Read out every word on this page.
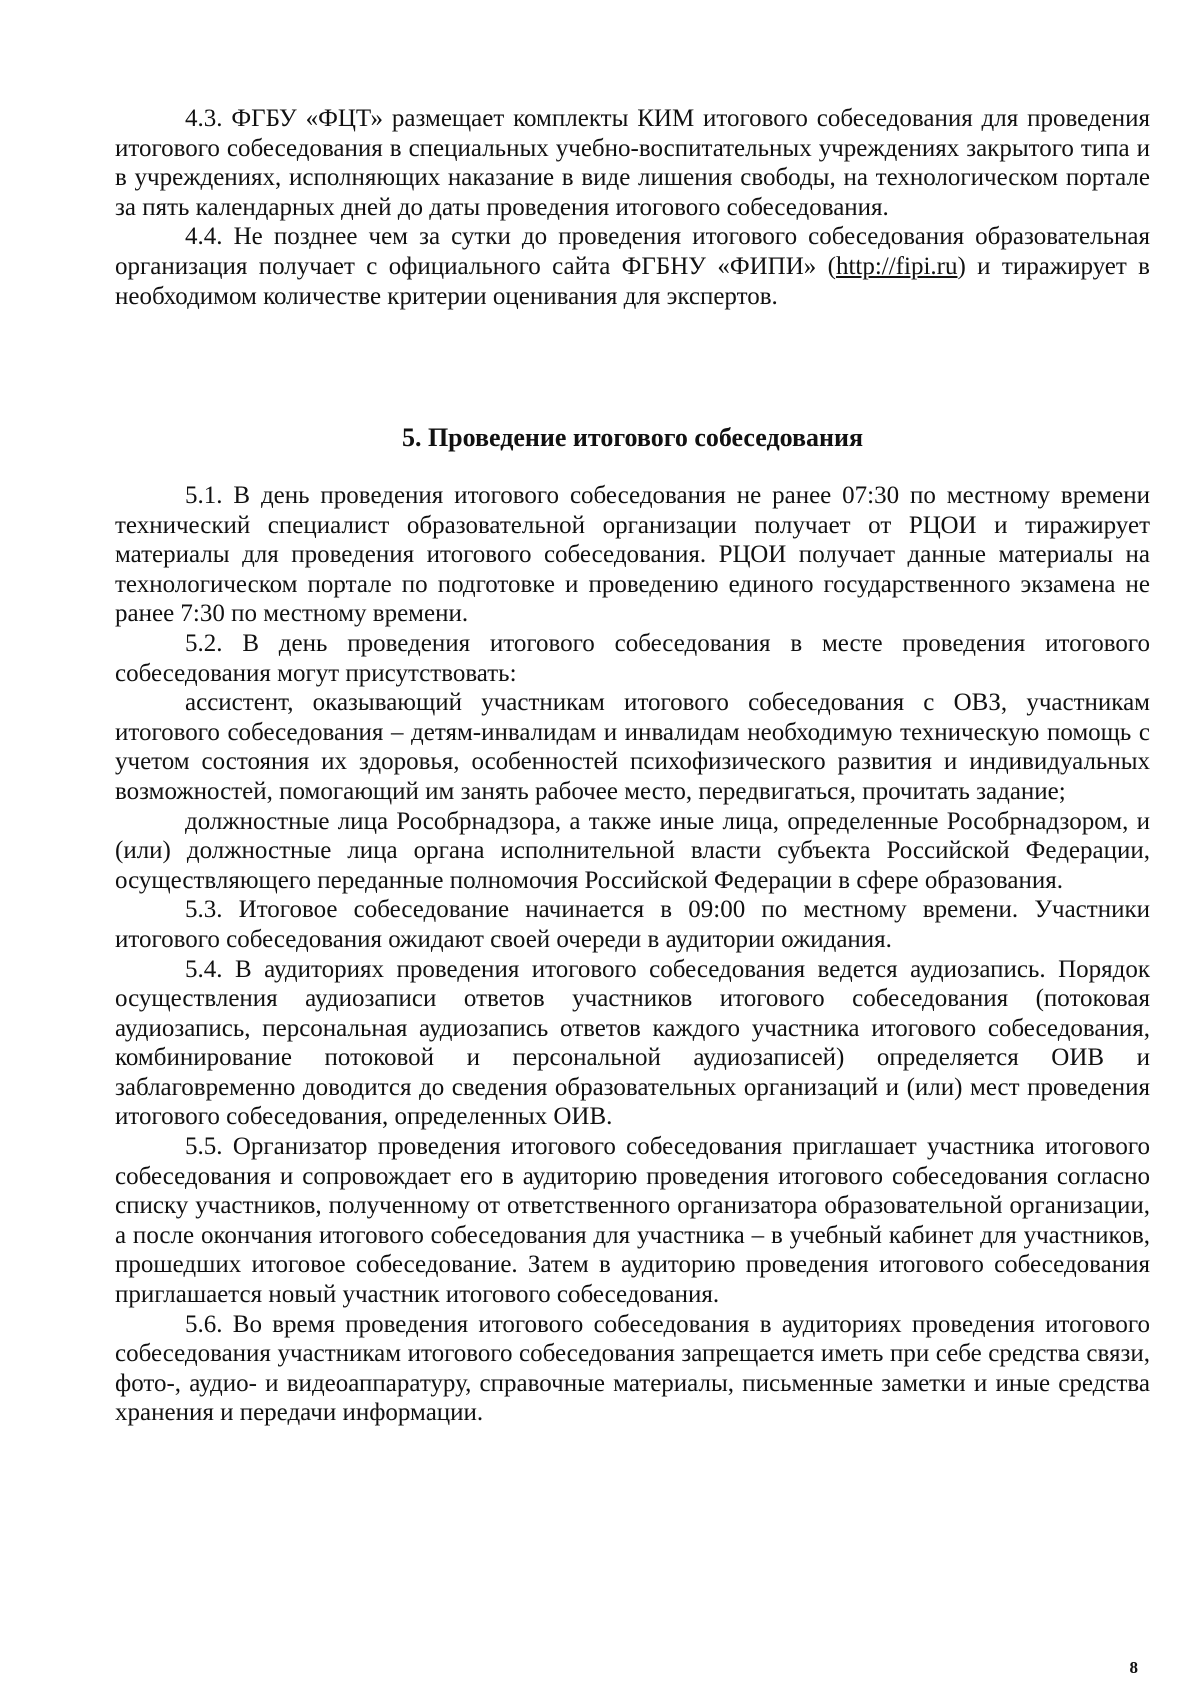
4.3. ФГБУ «ФЦТ» размещает комплекты КИМ итогового собеседования для проведения итогового собеседования в специальных учебно-воспитательных учреждениях закрытого типа и в учреждениях, исполняющих наказание в виде лишения свободы, на технологическом портале за пять календарных дней до даты проведения итогового собеседования.

4.4. Не позднее чем за сутки до проведения итогового собеседования образовательная организация получает с официального сайта ФГБНУ «ФИПИ» (http://fipi.ru) и тиражирует в необходимом количестве критерии оценивания для экспертов.

5. Проведение итогового собеседования

5.1. В день проведения итогового собеседования не ранее 07:30 по местному времени технический специалист образовательной организации получает от РЦОИ и тиражирует материалы для проведения итогового собеседования. РЦОИ получает данные материалы на технологическом портале по подготовке и проведению единого государственного экзамена не ранее 7:30 по местному времени.

5.2. В день проведения итогового собеседования в месте проведения итогового собеседования могут присутствовать:

ассистент, оказывающий участникам итогового собеседования с ОВЗ, участникам итогового собеседования – детям-инвалидам и инвалидам необходимую техническую помощь с учетом состояния их здоровья, особенностей психофизического развития и индивидуальных возможностей, помогающий им занять рабочее место, передвигаться, прочитать задание;

должностные лица Рособрнадзора, а также иные лица, определенные Рособрнадзором, и (или) должностные лица органа исполнительной власти субъекта Российской Федерации, осуществляющего переданные полномочия Российской Федерации в сфере образования.

5.3. Итоговое собеседование начинается в 09:00 по местному времени. Участники итогового собеседования ожидают своей очереди в аудитории ожидания.

5.4. В аудиториях проведения итогового собеседования ведется аудиозапись. Порядок осуществления аудиозаписи ответов участников итогового собеседования (потоковая аудиозапись, персональная аудиозапись ответов каждого участника итогового собеседования, комбинирование потоковой и персональной аудиозаписей) определяется ОИВ и заблаговременно доводится до сведения образовательных организаций и (или) мест проведения итогового собеседования, определенных ОИВ.

5.5. Организатор проведения итогового собеседования приглашает участника итогового собеседования и сопровождает его в аудиторию проведения итогового собеседования согласно списку участников, полученному от ответственного организатора образовательной организации, а после окончания итогового собеседования для участника – в учебный кабинет для участников, прошедших итоговое собеседование. Затем в аудиторию проведения итогового собеседования приглашается новый участник итогового собеседования.

5.6. Во время проведения итогового собеседования в аудиториях проведения итогового собеседования участникам итогового собеседования запрещается иметь при себе средства связи, фото-, аудио- и видеоаппаратуру, справочные материалы, письменные заметки и иные средства хранения и передачи информации.

8
